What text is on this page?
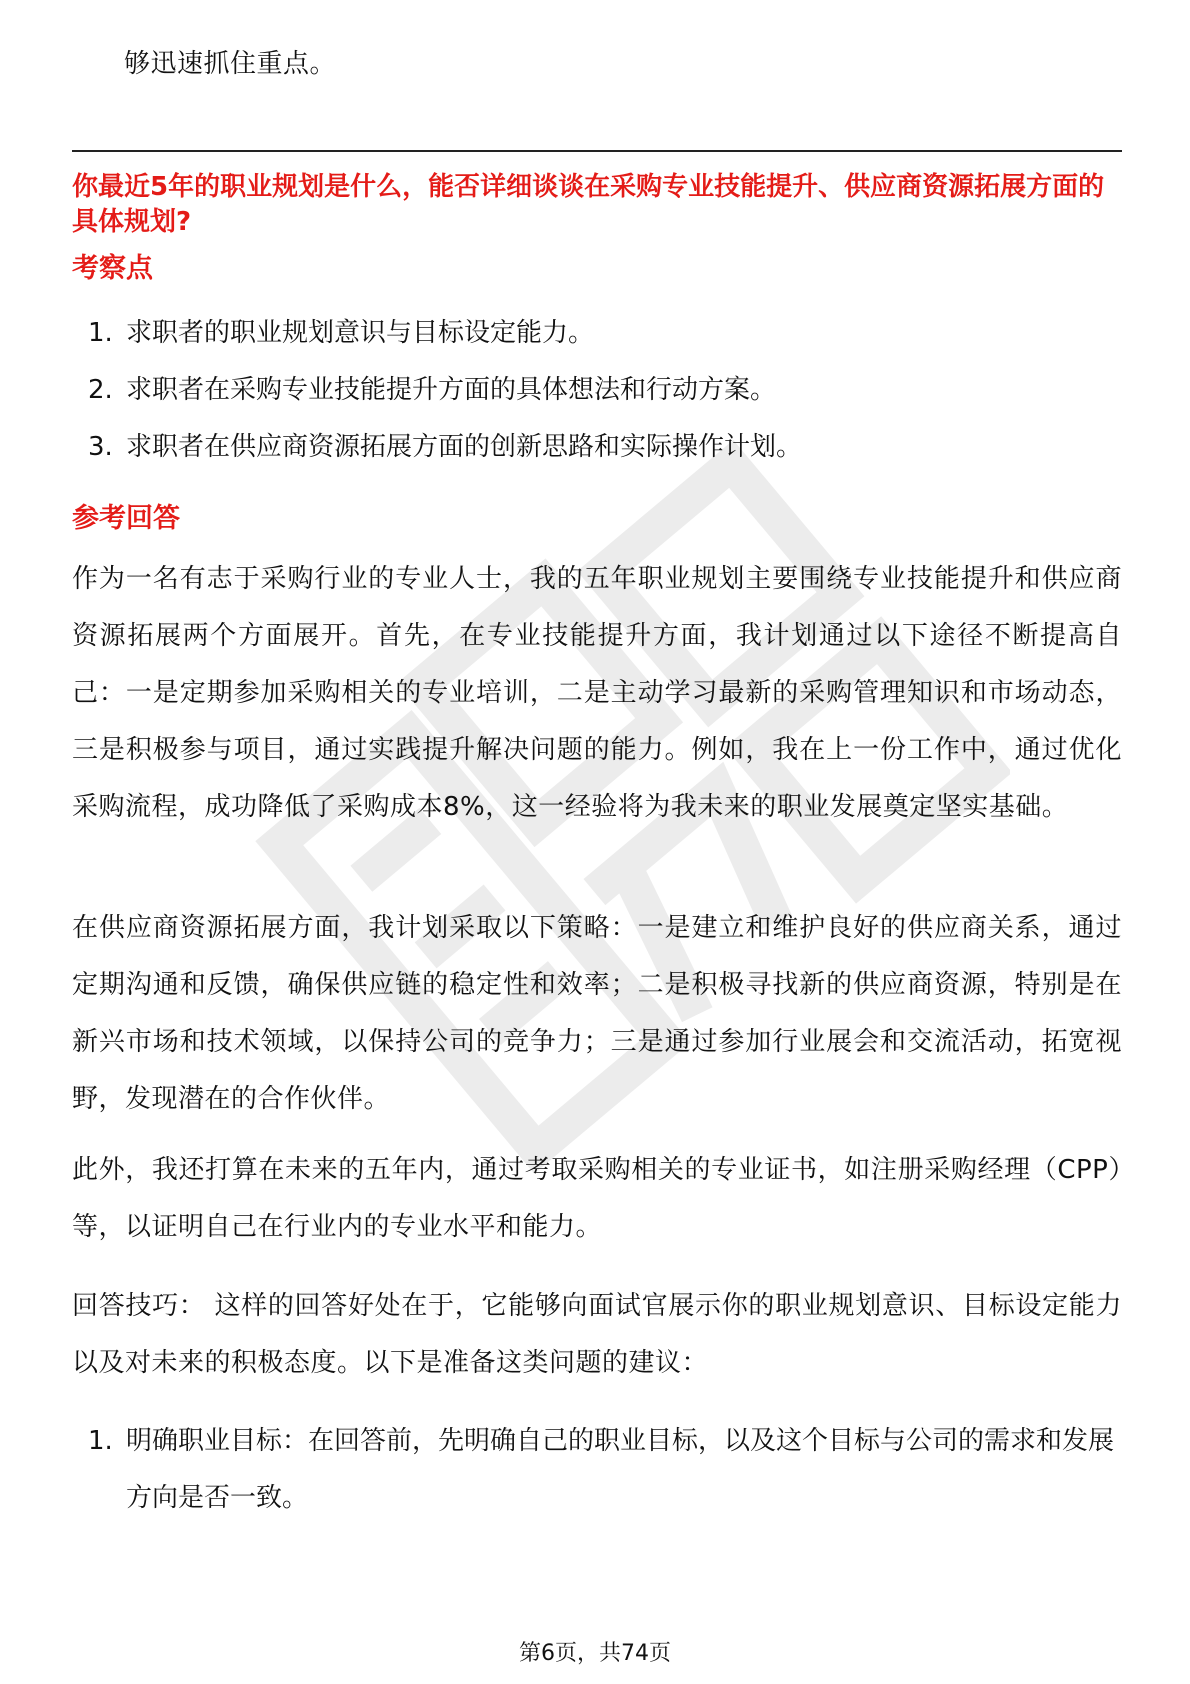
够迅速抓住重点。

你最近5年的职业规划是什么，能否详细谈谈在采购专业技能提升、供应商资源拓展方面的具体规划?

考察点

1. 求职者的职业规划意识与目标设定能力。
2. 求职者在采购专业技能提升方面的具体想法和行动方案。
3. 求职者在供应商资源拓展方面的创新思路和实际操作计划。

参考回答

作为一名有志于采购行业的专业人士，我的五年职业规划主要围绕专业技能提升和供应商资源拓展两个方面展开。首先，在专业技能提升方面，我计划通过以下途径不断提高自己：一是定期参加采购相关的专业培训，二是主动学习最新的采购管理知识和市场动态，三是积极参与项目，通过实践提升解决问题的能力。例如，我在上一份工作中，通过优化采购流程，成功降低了采购成本8%，这一经验将为我未来的职业发展奠定坚实基础。

在供应商资源拓展方面，我计划采取以下策略：一是建立和维护良好的供应商关系，通过定期沟通和反馈，确保供应链的稳定性和效率；二是积极寻找新的供应商资源，特别是在新兴市场和技术领域，以保持公司的竞争力；三是通过参加行业展会和交流活动，拓宽视野，发现潜在的合作伙伴。

此外，我还打算在未来的五年内，通过考取采购相关的专业证书，如注册采购经理（CPP）等，以证明自己在行业内的专业水平和能力。

回答技巧： 这样的回答好处在于，它能够向面试官展示你的职业规划意识、目标设定能力以及对未来的积极态度。以下是准备这类问题的建议：

1. 明确职业目标：在回答前，先明确自己的职业目标，以及这个目标与公司的需求和发展方向是否一致。

第6页，共74页
